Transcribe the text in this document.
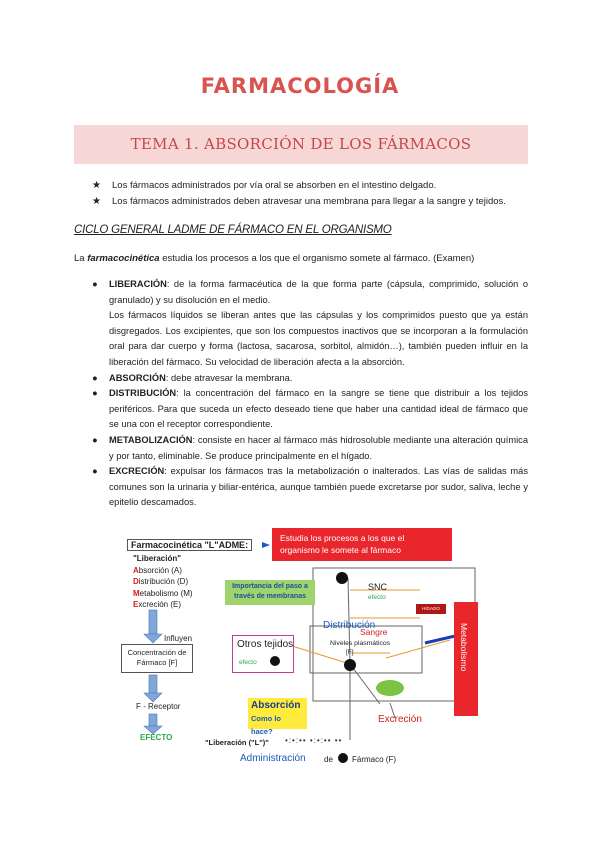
FARMACOLOGÍA
TEMA 1. ABSORCIÓN DE LOS FÁRMACOS
★ Los fármacos administrados por vía oral se absorben en el intestino delgado.
★ Los fármacos administrados deben atravesar una membrana para llegar a la sangre y tejidos.
CICLO GENERAL LADME DE FÁRMACO EN EL ORGANISMO
La farmacocinética estudia los procesos a los que el organismo somete al fármaco. (Examen)
● LIBERACIÓN: de la forma farmacéutica de la que forma parte (cápsula, comprimido, solución o granulado) y su disolución en el medio.
Los fármacos líquidos se liberan antes que las cápsulas y los comprimidos puesto que ya están disgregados. Los excipientes, que son los compuestos inactivos que se incorporan a la formulación oral para dar cuerpo y forma (lactosa, sacarosa, sorbitol, almidón…), también pueden influir en la liberación del fármaco. Su velocidad de liberación afecta a la absorción.
● ABSORCIÓN: debe atravesar la membrana.
● DISTRIBUCIÓN: la concentración del fármaco en la sangre se tiene que distribuir a los tejidos periféricos. Para que suceda un efecto deseado tiene que haber una cantidad ideal de fármaco que se una con el receptor correspondiente.
● METABOLIZACIÓN: consiste en hacer al fármaco más hidrosoluble mediante una alteración química y por tanto, eliminable. Se produce principalmente en el hígado.
● EXCRECIÓN: expulsar los fármacos tras la metabolización o inalterados. Las vías de salidas más comunes son la urinaria y biliar-entérica, aunque también puede excretarse por sudor, saliva, leche y epitelio descamados.
Farmacocinética "L"ADME:
Estudia los procesos a los que el organismo le somete al fármaco
"Liberación"
Absorción (A)
Distribución (D)
Metabolismo (M)
Excreción (E)
Influyen
Concentración de Fármaco [F]
F - Receptor
EFECTO
Importancia del paso a través de membranas
SNC
efecto
Distribución
Sangre
Otros tejidos
efecto
Niveles plasmáticos
[F]	Metabolismo
HÍGADO
Absorción
Como lo hace?
Excreción
"Liberación ("L")" •:•:•• •:•:•• ••
Administración de Fármaco (F)
